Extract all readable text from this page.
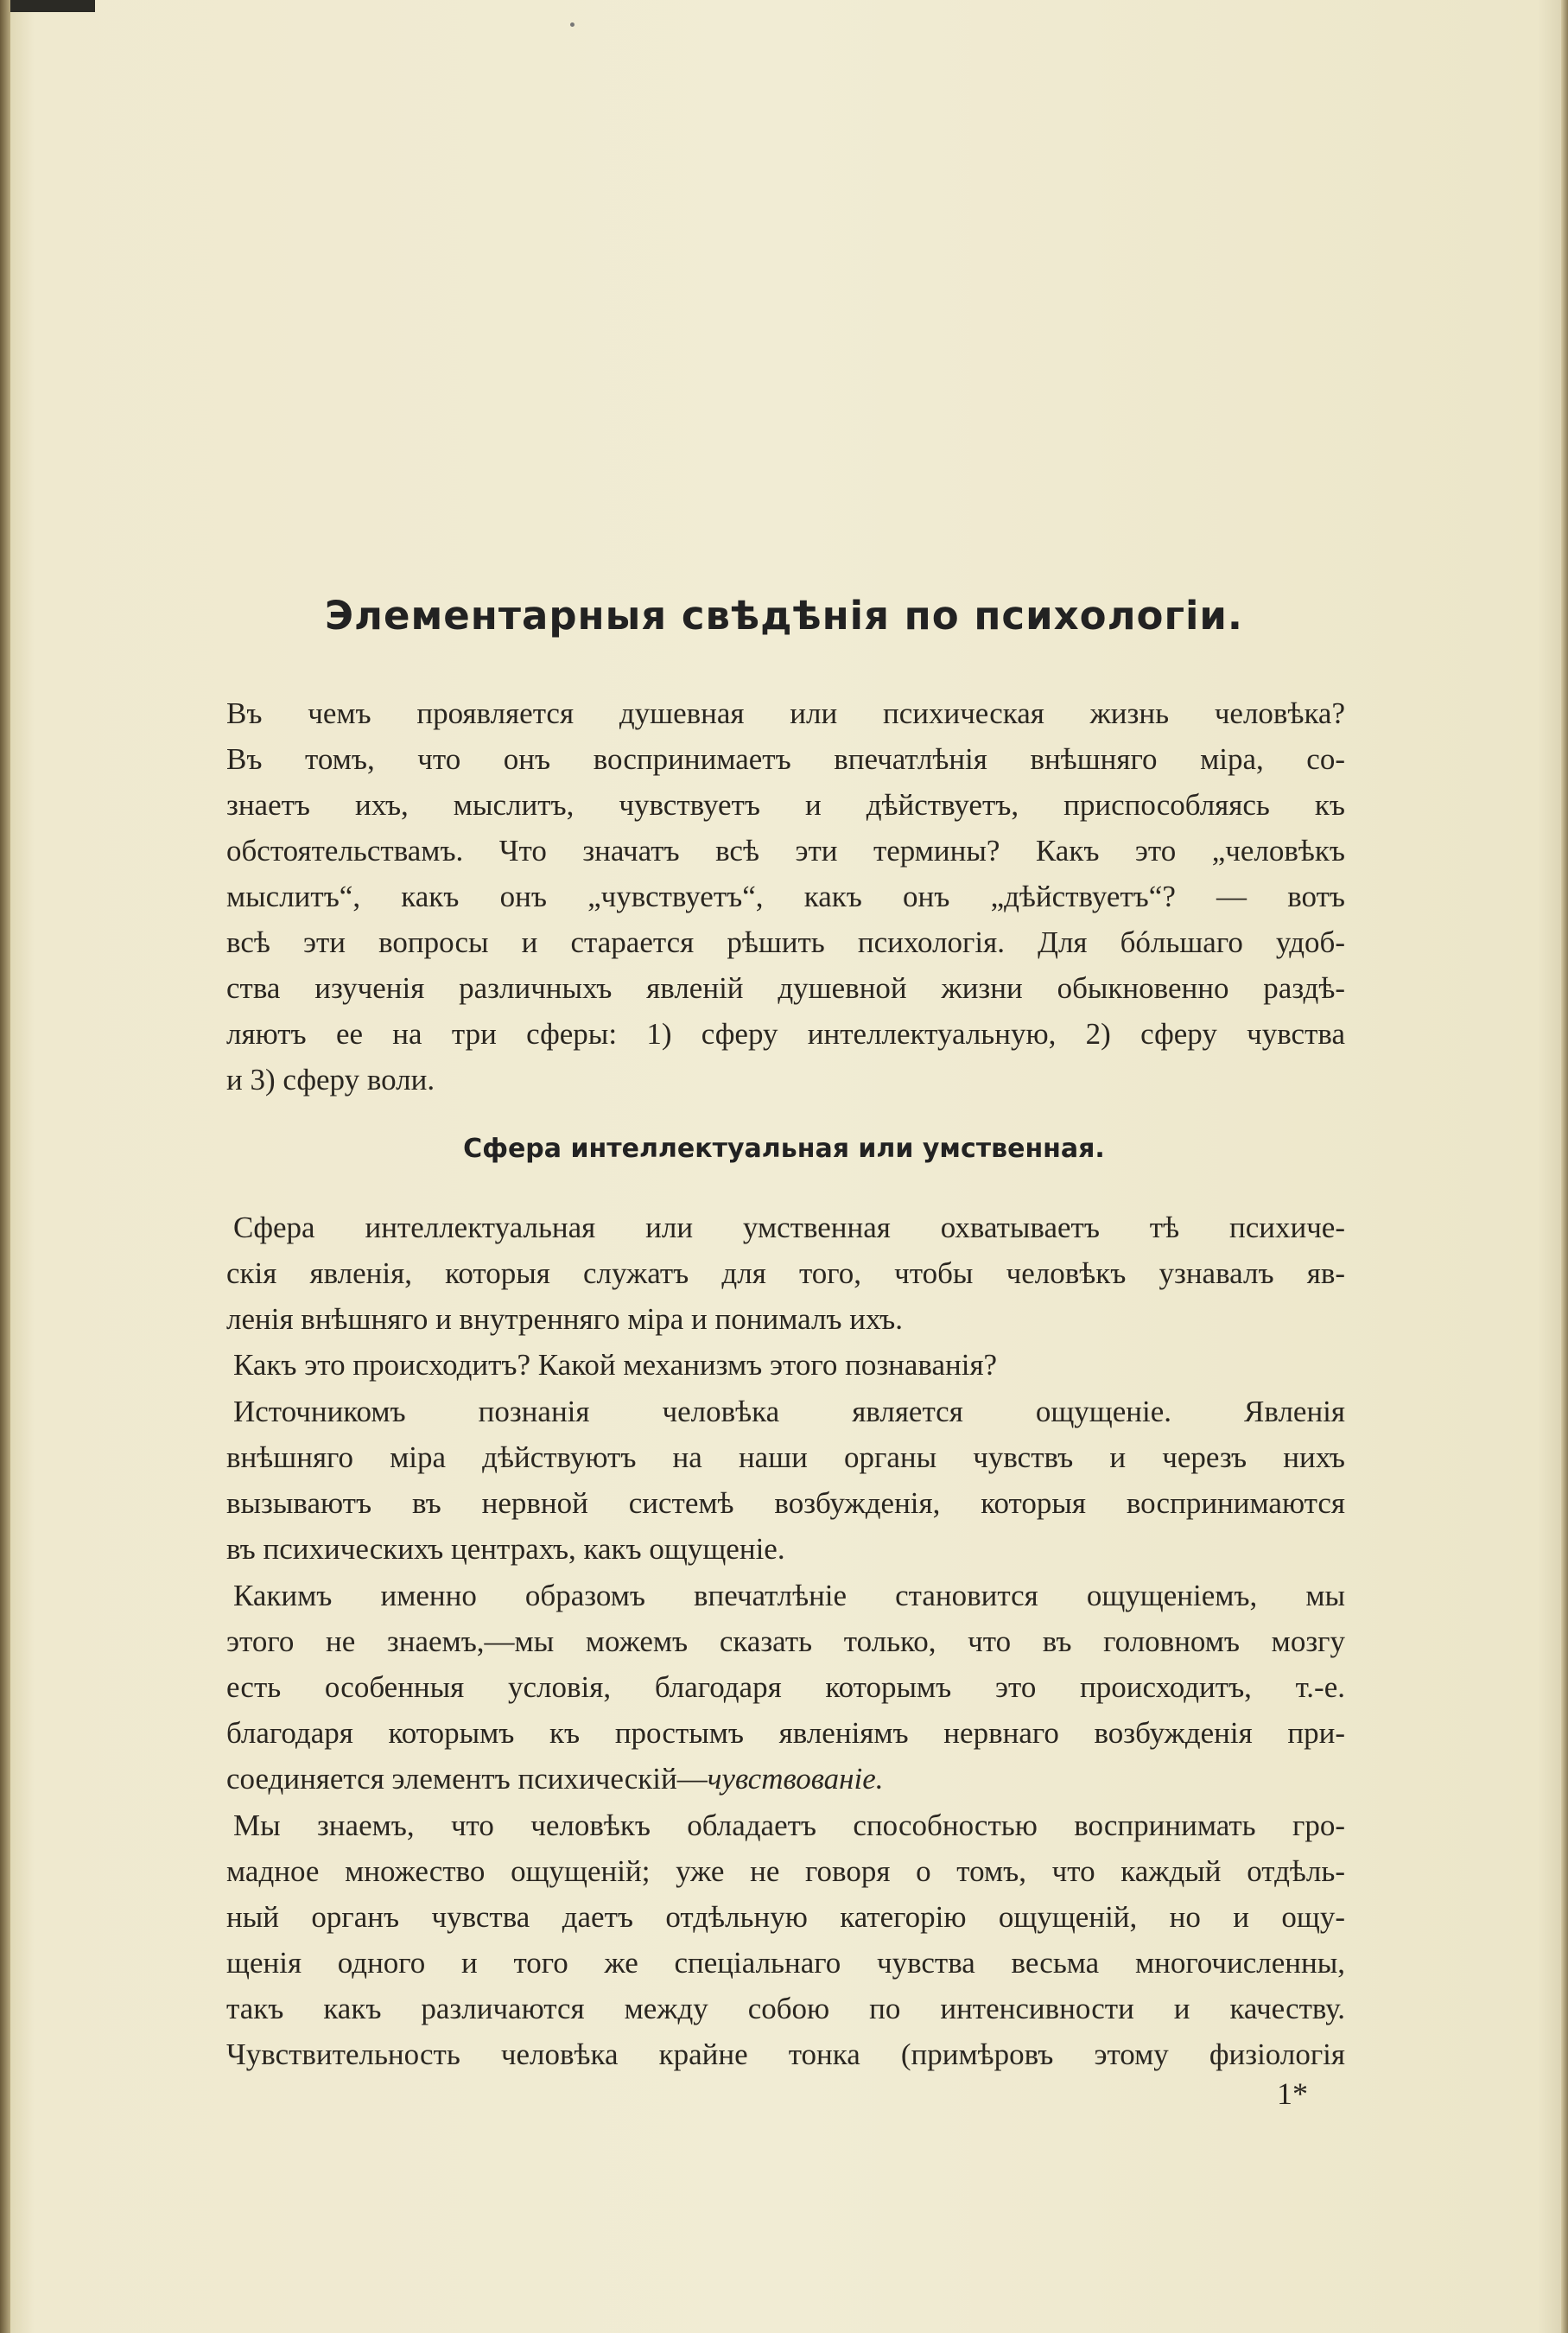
Элементарныя свѣдѣнія по психологіи.
Въ чемъ проявляется душевная или психическая жизнь человѣка?
Въ томъ, что онъ воспринимаетъ впечатлѣнія внѣшняго міра, со-
знаетъ ихъ, мыслитъ, чувствуетъ и дѣйствуетъ, приспособляясь къ
обстоятельствамъ. Что значатъ всѣ эти термины? Какъ это „человѣкъ
мыслитъ“, какъ онъ „чувствуетъ“, какъ онъ „дѣйствуетъ“? — вотъ
всѣ эти вопросы и старается рѣшить психологія. Для бóльшаго удоб-
ства изученія различныхъ явленій душевной жизни обыкновенно раздѣ-
ляютъ ее на три сферы: 1) сферу интеллектуальную, 2) сферу чувства
и 3) сферу воли.
Сфера интеллектуальная или умственная.
Сфера интеллектуальная или умственная охватываетъ тѣ психиче-
скія явленія, которыя служатъ для того, чтобы человѣкъ узнавалъ яв-
ленія внѣшняго и внутренняго міра и понималъ ихъ.
Какъ это происходитъ? Какой механизмъ этого познаванія?
Источникомъ познанія человѣка является ощущеніе. Явленія
внѣшняго міра дѣйствуютъ на наши органы чувствъ и черезъ нихъ
вызываютъ въ нервной системѣ возбужденія, которыя воспринимаются
въ психическихъ центрахъ, какъ ощущеніе.
Какимъ именно образомъ впечатлѣніе становится ощущеніемъ, мы
этого не знаемъ,—мы можемъ сказать только, что въ головномъ мозгу
есть особенныя условія, благодаря которымъ это происходитъ, т.-е.
благодаря которымъ къ простымъ явленіямъ нервнаго возбужденія при-
соединяется элементъ психическій—чувствованіе.
Мы знаемъ, что человѣкъ обладаетъ способностью воспринимать гро-
мадное множество ощущеній; уже не говоря о томъ, что каждый отдѣль-
ный органъ чувства даетъ отдѣльную категорію ощущеній, но и ощу-
щенія одного и того же спеціальнаго чувства весьма многочисленны,
такъ какъ различаются между собою по интенсивности и качеству.
Чувствительность человѣка крайне тонка (примѣровъ этому физіологія
1*
